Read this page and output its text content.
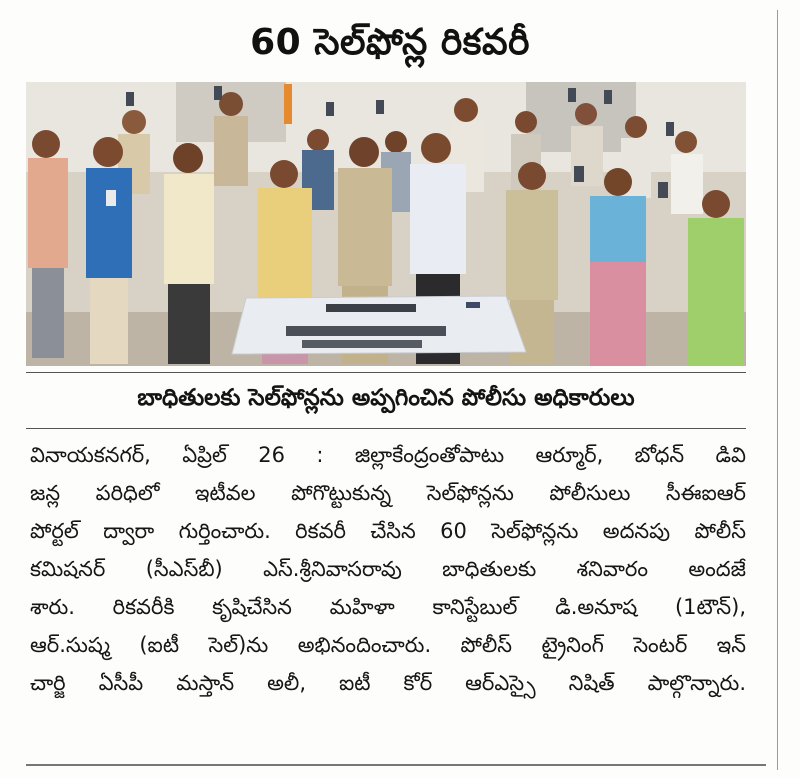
60 సెల్‌ఫోన్ల రికవరీ
బాధితులకు సెల్‌ఫోన్లను అప్పగించిన పోలీసు అధికారులు
వినాయకనగర్, ఏప్రిల్ 26 : జిల్లాకేంద్రంతోపాటు ఆర్మూర్, బోధన్ డివి
జన్ల పరిధిలో ఇటీవల పోగొట్టుకున్న సెల్‌ఫోన్లను పోలీసులు సీఈఐఆర్
పోర్టల్ ద్వారా గుర్తించారు. రికవరీ చేసిన 60 సెల్‌ఫోన్లను అదనపు పోలీస్
కమిషనర్ (సీఎస్‌బీ) ఎస్.శ్రీనివాసరావు బాధితులకు శనివారం అందజే
శారు. రికవరీకి కృషిచేసిన మహిళా కానిస్టేబుల్ డి.అనూష (1టౌన్),
ఆర్.సుష్మ (ఐటీ సెల్)ను అభినందించారు. పోలీస్ ట్రైనింగ్ సెంటర్ ఇన్
చార్జి ఏసీపీ మస్తాన్ అలీ, ఐటీ కోర్ ఆర్ఎస్సై నిషిత్ పాల్గొన్నారు.
